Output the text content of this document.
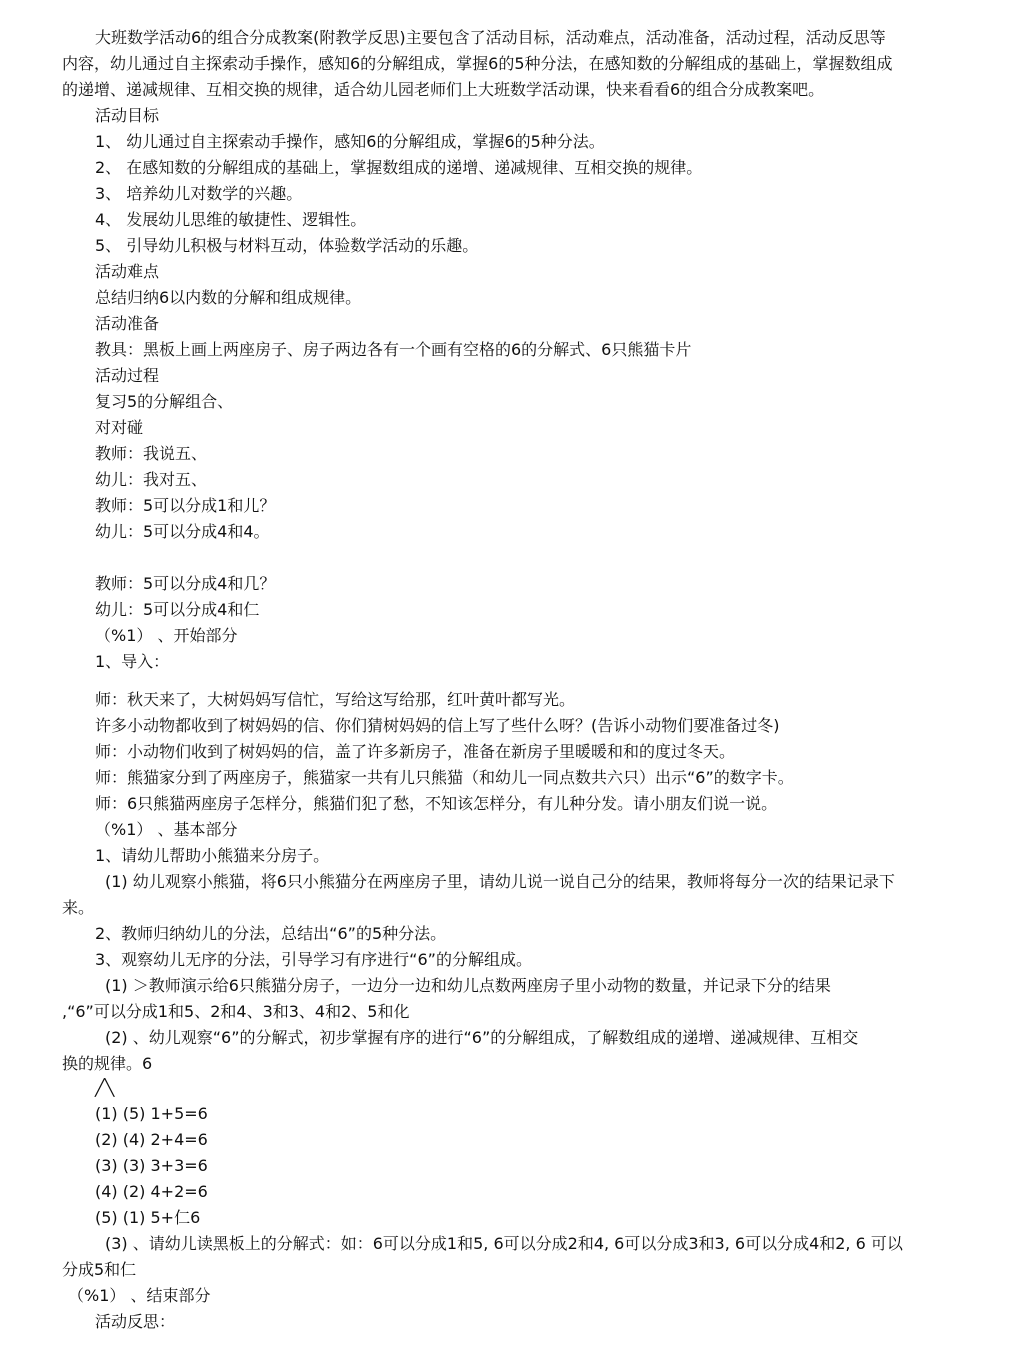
大班数学活动6的组合分成教案(附教学反思)主要包含了活动目标，活动难点，活动准备，活动过程，活动反思等
内容，幼儿通过自主探索动手操作，感知6的分解组成，掌握6的5种分法，在感知数的分解组成的基础上，掌握数组成
的递增、递减规律、互相交换的规律，适合幼儿园老师们上大班数学活动课，快来看看6的组合分成教案吧。
活动目标
1、 幼儿通过自主探索动手操作，感知6的分解组成，掌握6的5种分法。
2、 在感知数的分解组成的基础上，掌握数组成的递增、递减规律、互相交换的规律。
3、 培养幼儿对数学的兴趣。
4、 发展幼儿思维的敏捷性、逻辑性。
5、 引导幼儿积极与材料互动，体验数学活动的乐趣。
活动难点
总结归纳6以内数的分解和组成规律。
活动准备
教具：黑板上画上两座房子、房子两边各有一个画有空格的6的分解式、6只熊猫卡片
活动过程
复习5的分解组合、
对对碰
教师：我说五、
幼儿：我对五、
教师：5可以分成1和儿？
幼儿：5可以分成4和4。
教师：5可以分成4和几？
幼儿：5可以分成4和仁
（%1） 、开始部分
1、导入：
师：秋天来了，大树妈妈写信忙，写给这写给那，红叶黄叶都写光。
许多小动物都收到了树妈妈的信、你们猜树妈妈的信上写了些什么呀？(告诉小动物们要准备过冬)
师：小动物们收到了树妈妈的信，盖了许多新房子，准备在新房子里暖暖和和的度过冬天。
师：熊猫家分到了两座房子，熊猫家一共有儿只熊猫（和幼儿一同点数共六只）出示“6”的数字卡。
师：6只熊猫两座房子怎样分，熊猫们犯了愁，不知该怎样分，有儿种分发。请小朋友们说一说。
（%1） 、基本部分
1、请幼儿帮助小熊猫来分房子。
(1) 幼儿观察小熊猫，将6只小熊猫分在两座房子里，请幼儿说一说自己分的结果，教师将每分一次的结果记录下
来。
2、教师归纳幼儿的分法，总结出“6”的5种分法。
3、观察幼儿无序的分法，引导学习有序进行“6”的分解组成。
(1) ＞教师演示给6只熊猫分房子，一边分一边和幼儿点数两座房子里小动物的数量，并记录下分的结果
,“6”可以分成1和5、2和4、3和3、4和2、5和化
(2) 、幼儿观察“6”的分解式，初步掌握有序的进行“6”的分解组成，了解数组成的递增、递减规律、互相交
换的规律。6
╱╲
(1) (5) 1+5=6
(2) (4) 2+4=6
(3) (3) 3+3=6
(4) (2) 4+2=6
(5) (1) 5+仁6
(3) 、请幼儿读黑板上的分解式：如：6可以分成1和5, 6可以分成2和4, 6可以分成3和3, 6可以分成4和2, 6 可以
分成5和仁
（%1） 、结束部分
活动反思：
